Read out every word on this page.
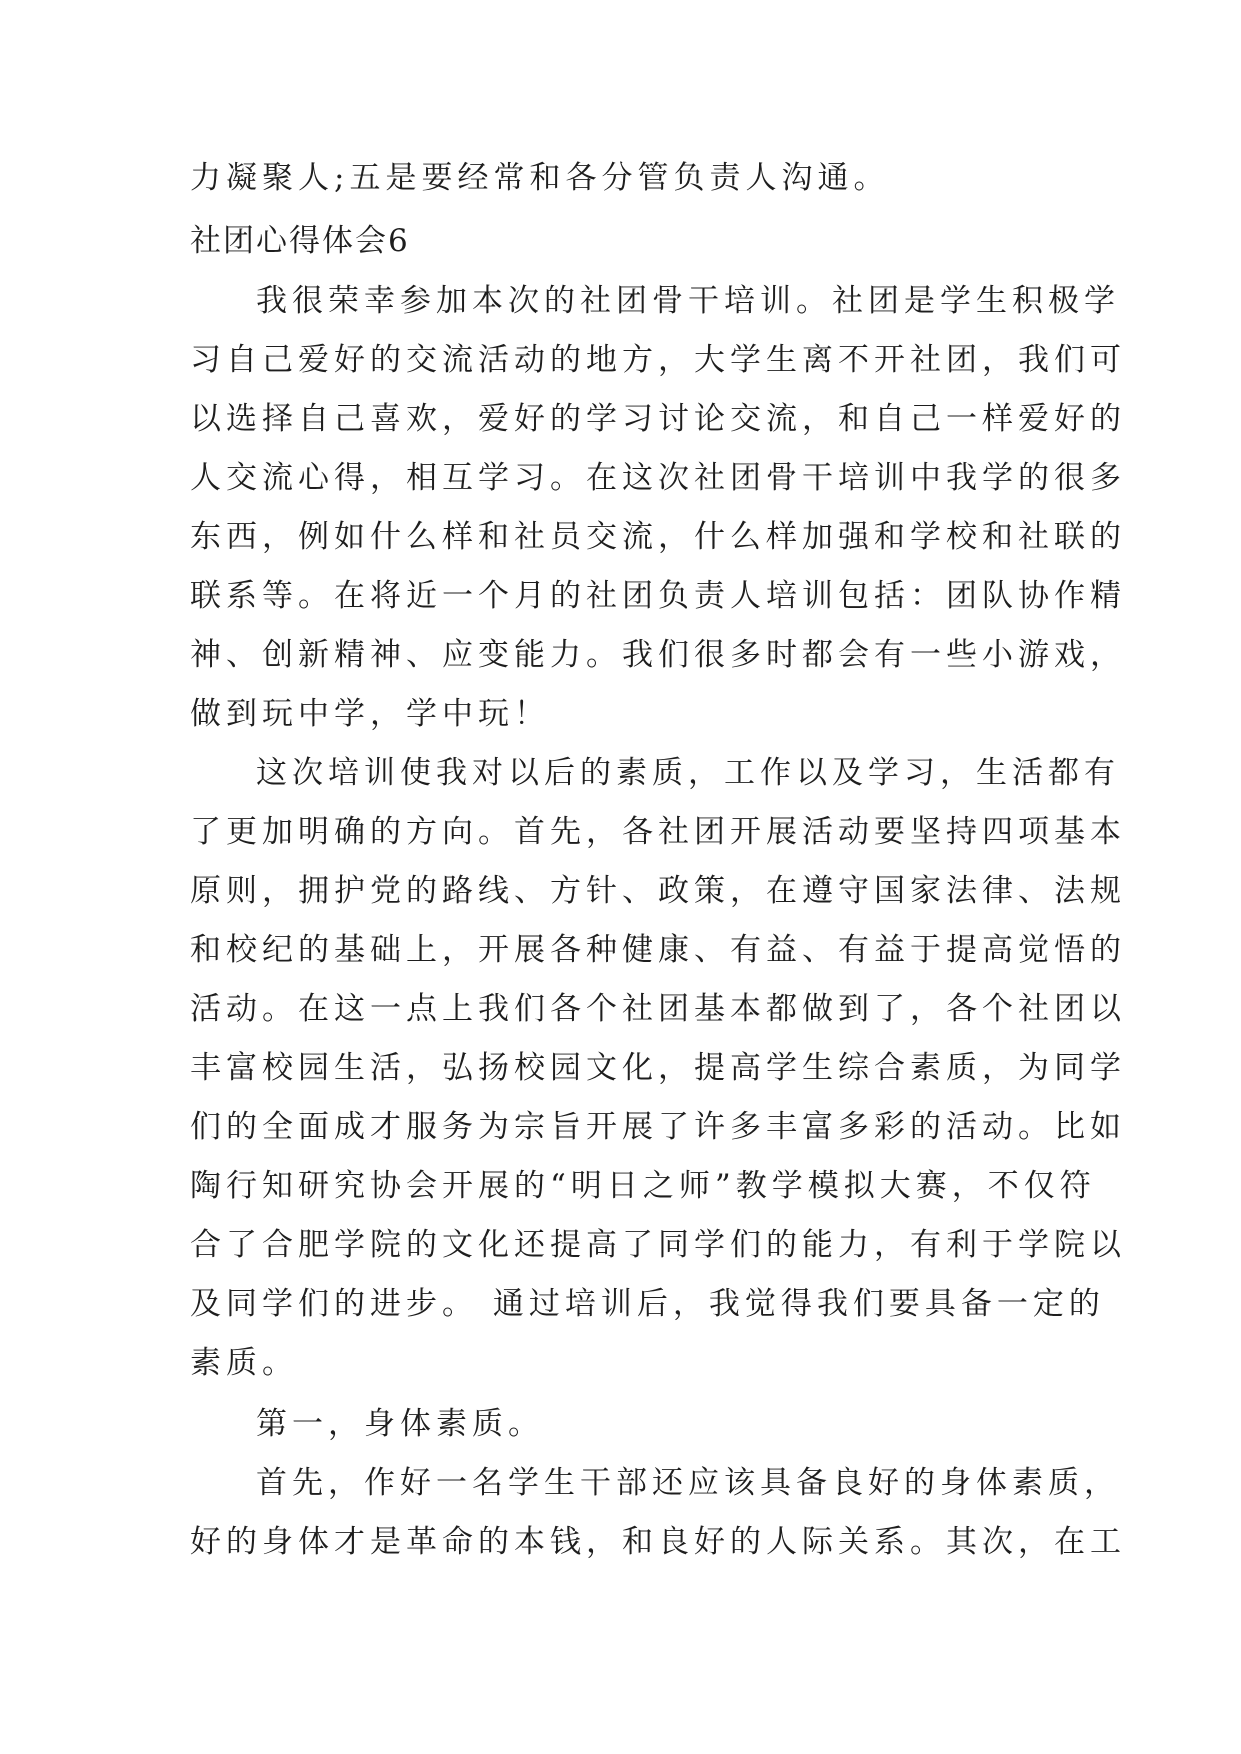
力凝聚人;五是要经常和各分管负责人沟通。
社团心得体会6
我很荣幸参加本次的社团骨干培训。社团是学生积极学
习自己爱好的交流活动的地方，大学生离不开社团，我们可
以选择自己喜欢，爱好的学习讨论交流，和自己一样爱好的
人交流心得，相互学习。在这次社团骨干培训中我学的很多
东西，例如什么样和社员交流，什么样加强和学校和社联的
联系等。在将近一个月的社团负责人培训包括：团队协作精
神、创新精神、应变能力。我们很多时都会有一些小游戏，
做到玩中学，学中玩！
这次培训使我对以后的素质，工作以及学习，生活都有
了更加明确的方向。首先，各社团开展活动要坚持四项基本
原则，拥护党的路线、方针、政策，在遵守国家法律、法规
和校纪的基础上，开展各种健康、有益、有益于提高觉悟的
活动。在这一点上我们各个社团基本都做到了，各个社团以
丰富校园生活，弘扬校园文化，提高学生综合素质，为同学
们的全面成才服务为宗旨开展了许多丰富多彩的活动。比如
陶行知研究协会开展的“明日之师”教学模拟大赛，不仅符
合了合肥学院的文化还提高了同学们的能力，有利于学院以
及同学们的进步。 通过培训后，我觉得我们要具备一定的
素质。
第一，身体素质。
首先，作好一名学生干部还应该具备良好的身体素质，
好的身体才是革命的本钱，和良好的人际关系。其次，在工
